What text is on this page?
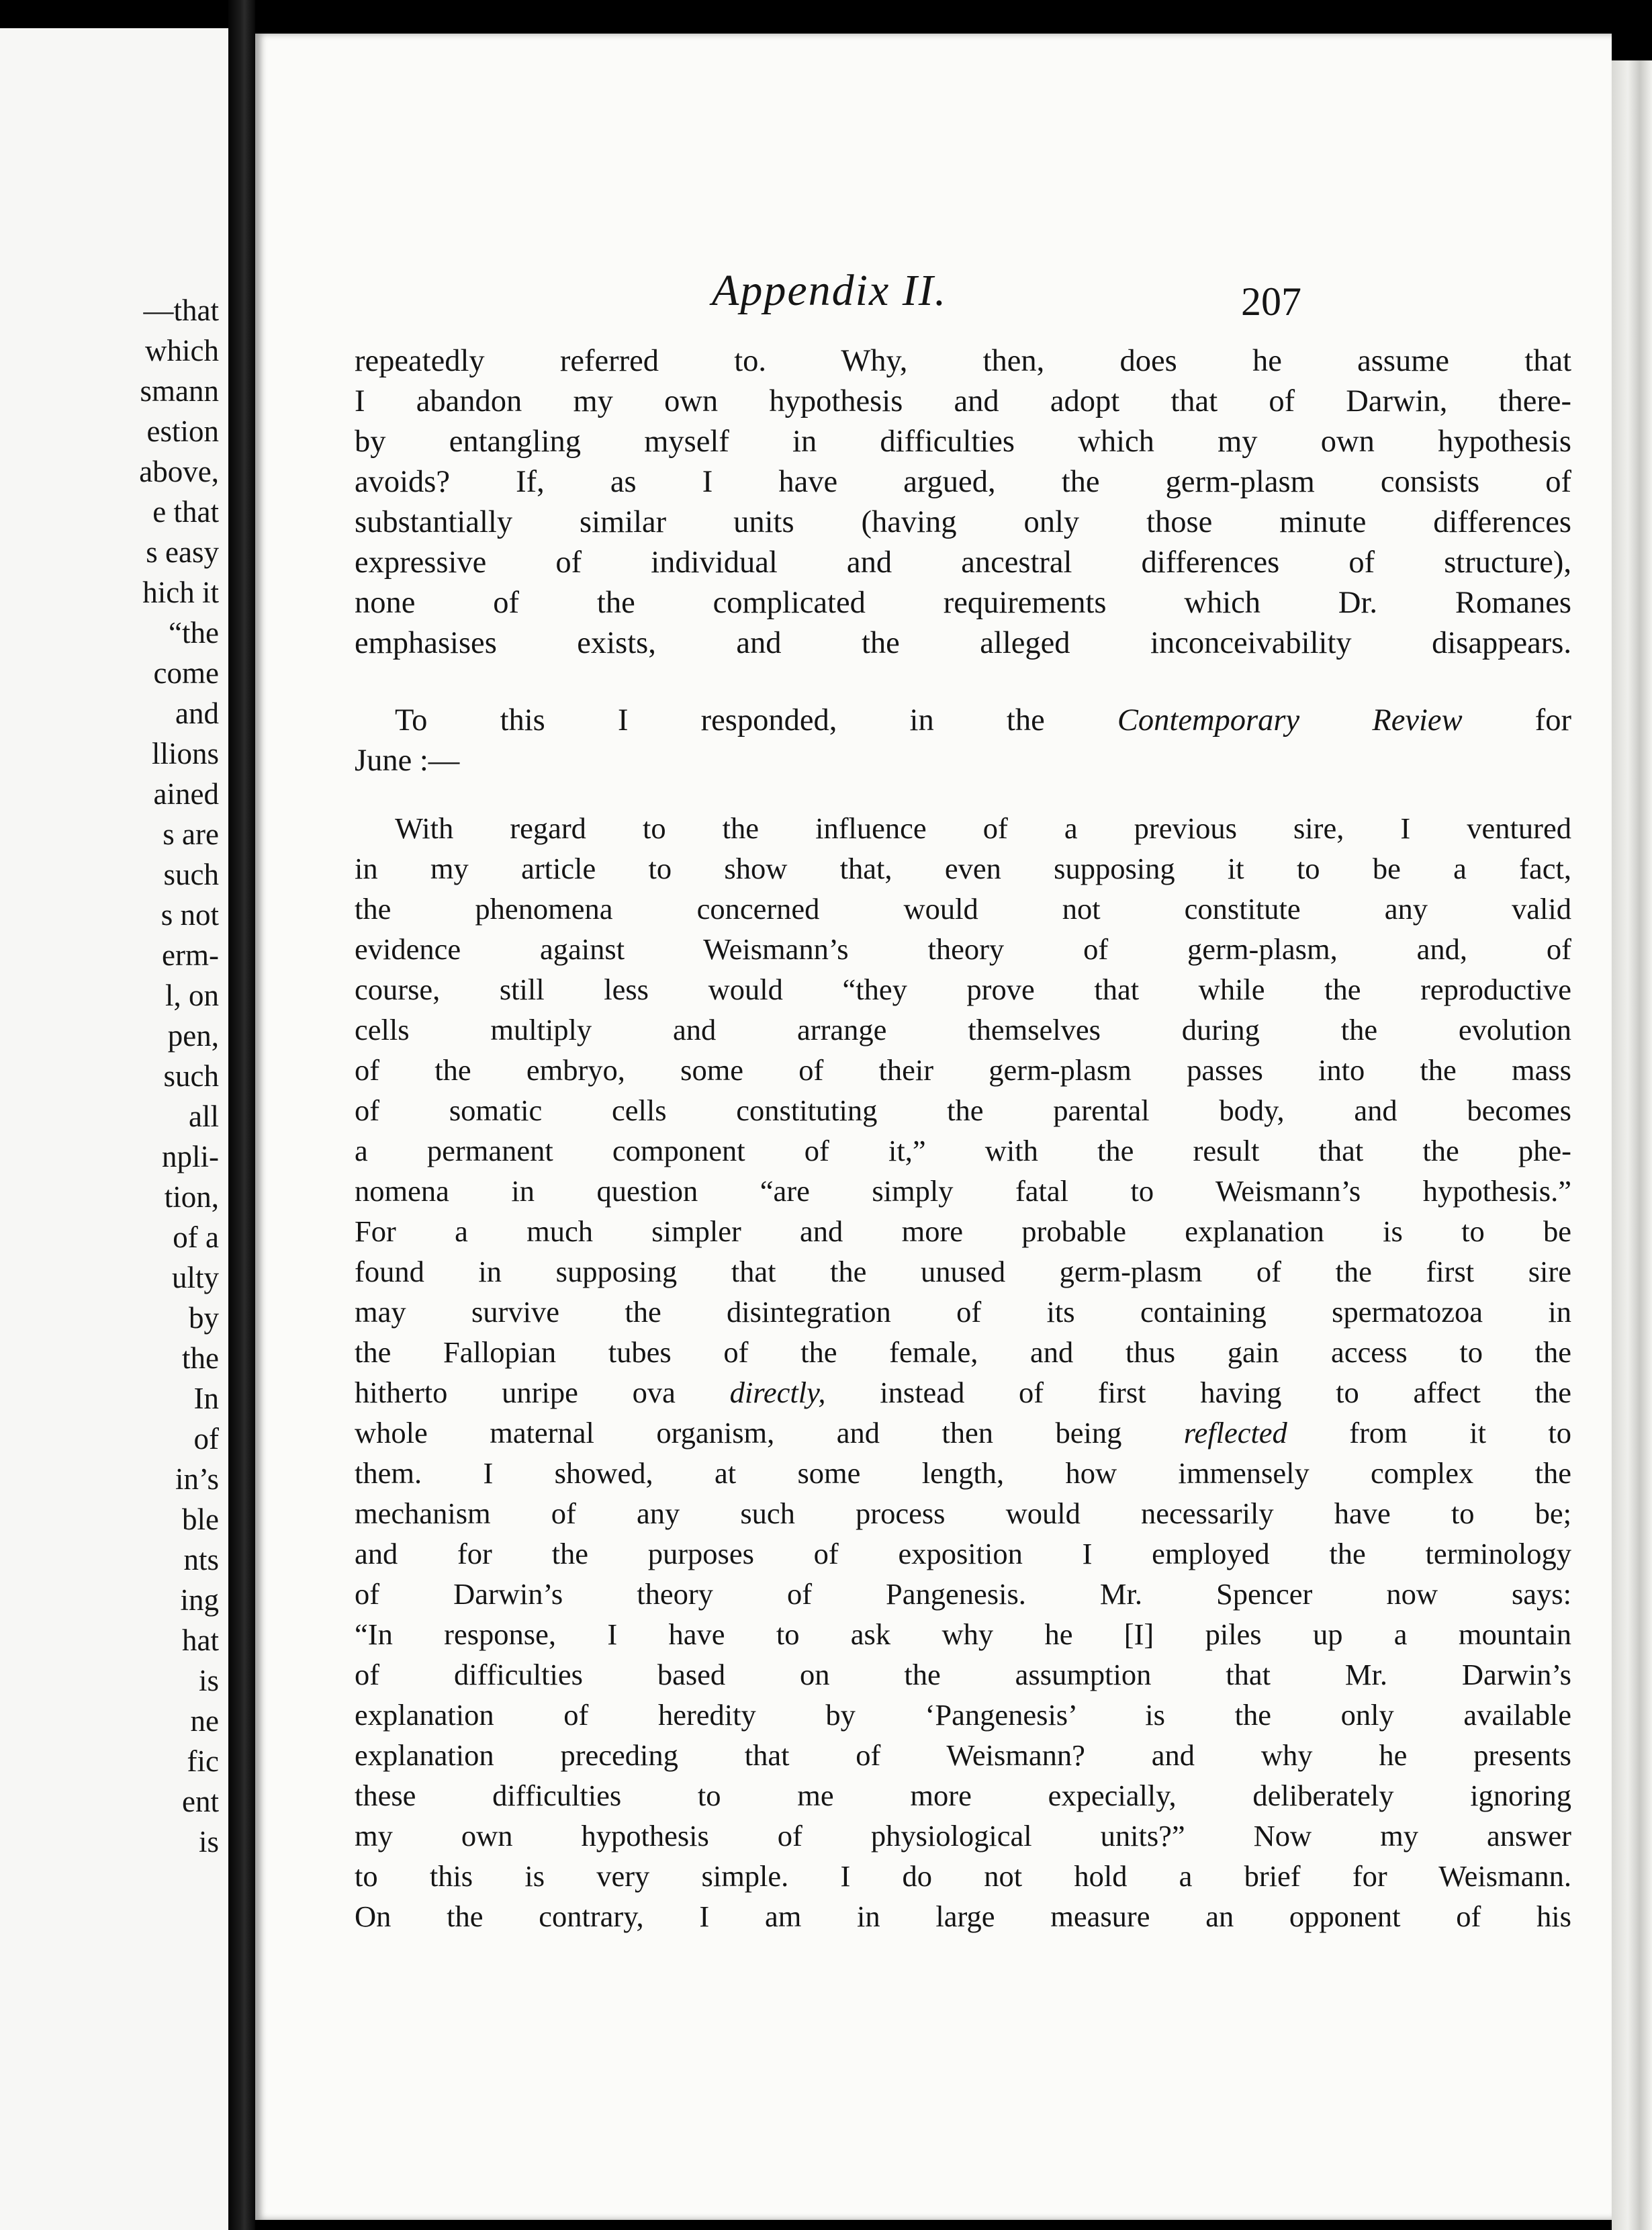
—that
which
smann
estion
above,
e that
s easy
hich it
“the
come
and
llions
ained
s are
such
s not
erm-
l, on
pen,
such
all
npli-
tion,
of a
ulty
by
the
In
of
in’s
ble
nts
ing
hat
is
ne
fic
ent
is
Appendix II.	207
repeatedly referred to. Why, then, does he assume that
I abandon my own hypothesis and adopt that of Darwin, there-
by entangling myself in difficulties which my own hypothesis
avoids? If, as I have argued, the germ-plasm consists of
substantially similar units (having only those minute differences
expressive of individual and ancestral differences of structure),
none of the complicated requirements which Dr. Romanes
emphasises exists, and the alleged inconceivability disappears.
To this I responded, in the Contemporary Review for
June :—
With regard to the influence of a previous sire, I ventured
in my article to show that, even supposing it to be a fact,
the phenomena concerned would not constitute any valid
evidence against Weismann’s theory of germ-plasm, and, of
course, still less would “they prove that while the reproductive
cells multiply and arrange themselves during the evolution
of the embryo, some of their germ-plasm passes into the mass
of somatic cells constituting the parental body, and becomes
a permanent component of it,” with the result that the phe-
nomena in question “are simply fatal to Weismann’s hypothesis.”
For a much simpler and more probable explanation is to be
found in supposing that the unused germ-plasm of the first sire
may survive the disintegration of its containing spermatozoa in
the Fallopian tubes of the female, and thus gain access to the
hitherto unripe ova directly, instead of first having to affect the
whole maternal organism, and then being reflected from it to
them. I showed, at some length, how immensely complex the
mechanism of any such process would necessarily have to be;
and for the purposes of exposition I employed the terminology
of Darwin’s theory of Pangenesis. Mr. Spencer now says:
“In response, I have to ask why he [I] piles up a mountain
of difficulties based on the assumption that Mr. Darwin’s
explanation of heredity by ‘Pangenesis’ is the only available
explanation preceding that of Weismann? and why he presents
these difficulties to me more expecially, deliberately ignoring
my own hypothesis of physiological units?” Now my answer
to this is very simple. I do not hold a brief for Weismann.
On the contrary, I am in large measure an opponent of his
